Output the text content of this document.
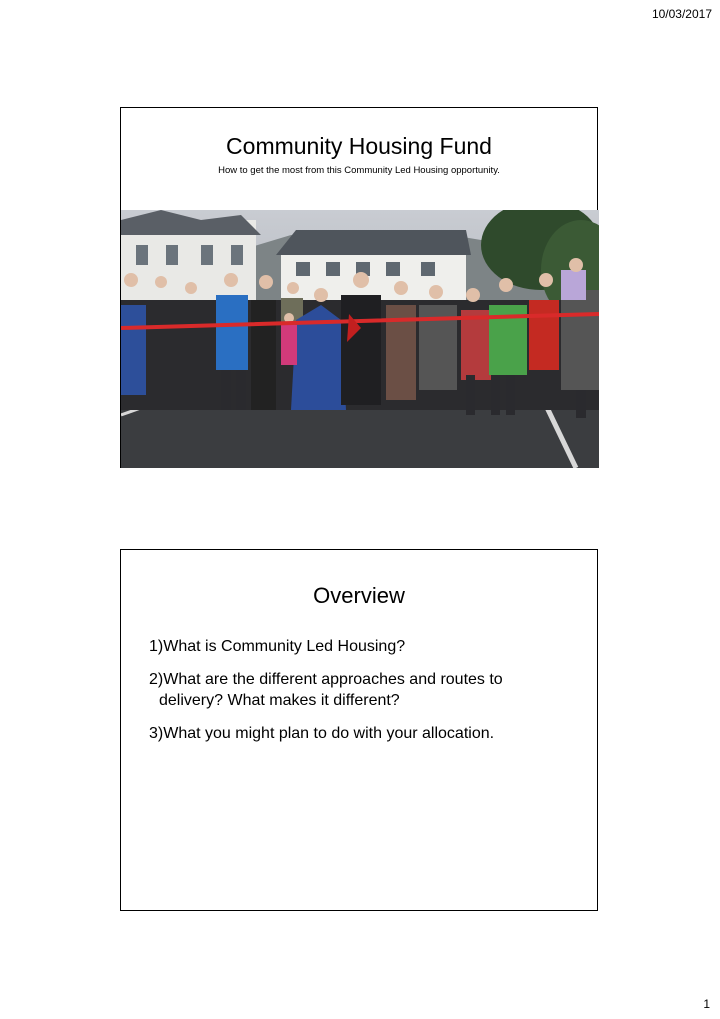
10/03/2017
Community Housing Fund
How to get the most from this Community Led Housing opportunity.
Overview
1)What is Community Led Housing?
2)What are the different approaches and routes to
delivery? What makes it different?
3)What you might plan to do with your allocation.
1
